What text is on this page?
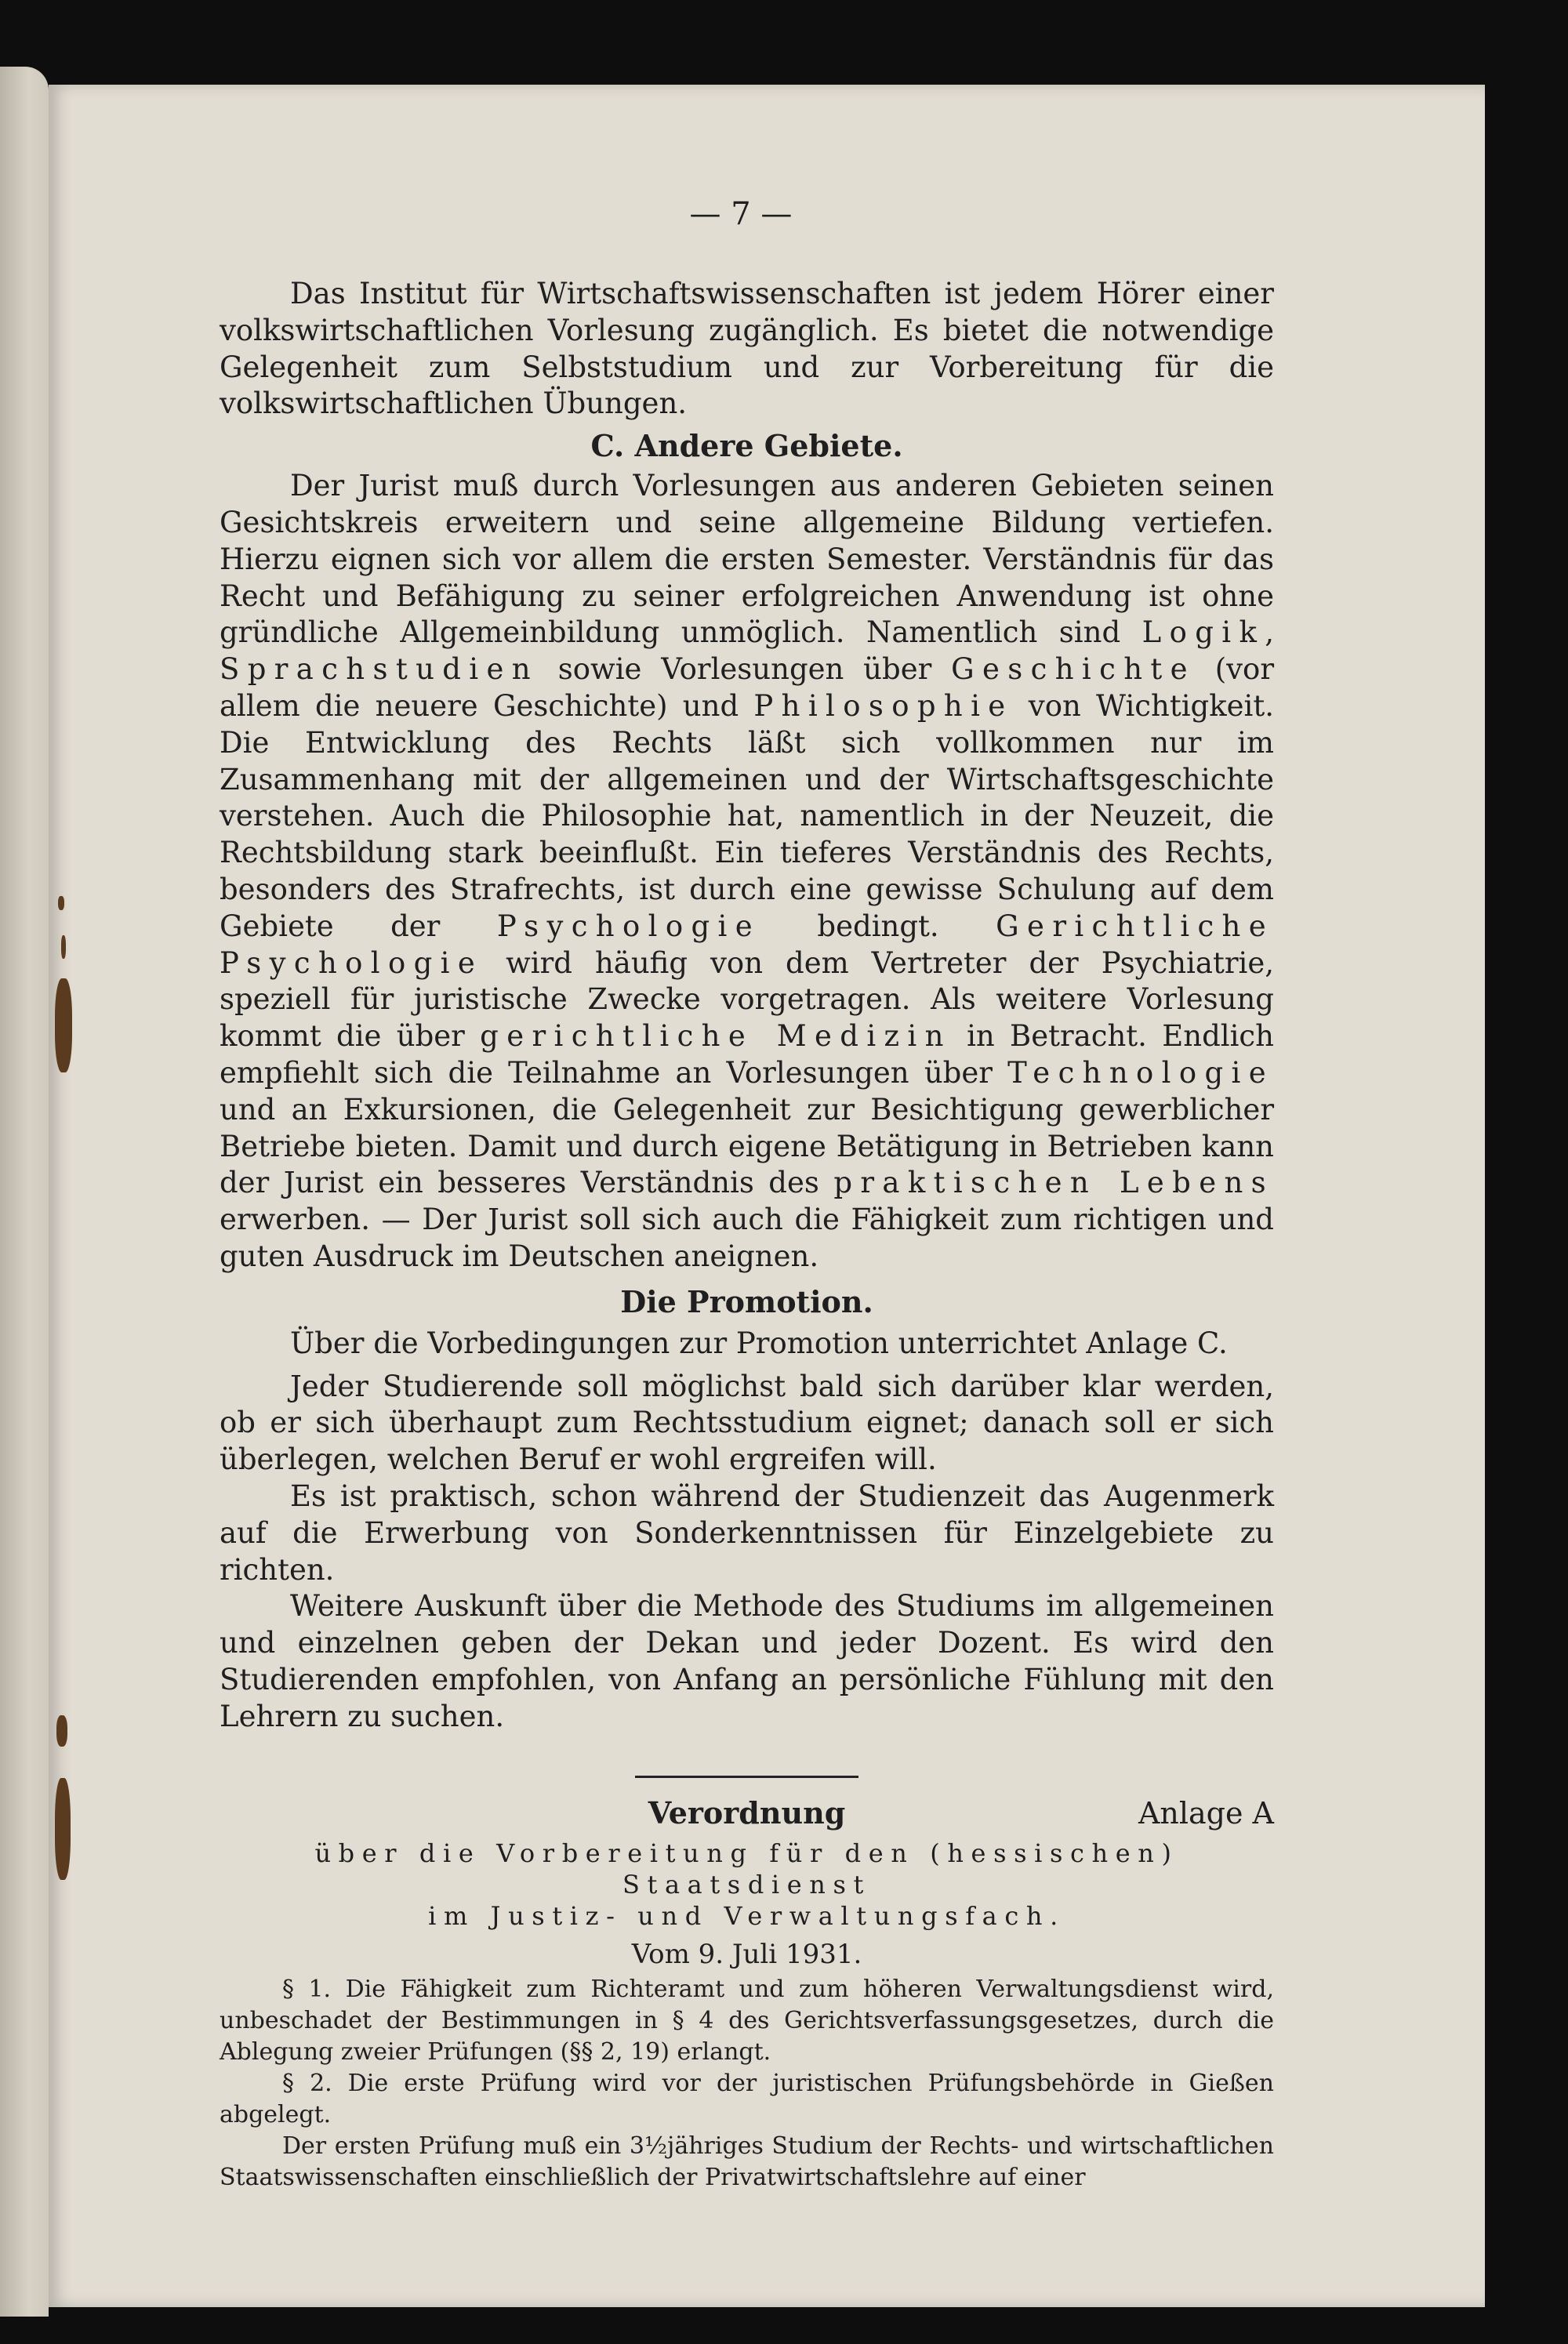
— 7 —

Das Institut für Wirtschaftswissenschaften ist jedem Hörer einer volkswirtschaftlichen Vorlesung zugänglich. Es bietet die notwendige Gelegenheit zum Selbststudium und zur Vorbereitung für die volkswirtschaftlichen Übungen.

C. Andere Gebiete.

Der Jurist muß durch Vorlesungen aus anderen Gebieten seinen Gesichtskreis erweitern und seine allgemeine Bildung vertiefen. Hierzu eignen sich vor allem die ersten Semester. Verständnis für das Recht und Befähigung zu seiner erfolgreichen Anwendung ist ohne gründliche Allgemeinbildung unmöglich. Namentlich sind Logik, Sprachstudien sowie Vorlesungen über Geschichte (vor allem die neuere Geschichte) und Philosophie von Wichtigkeit. Die Entwicklung des Rechts läßt sich vollkommen nur im Zusammenhang mit der allgemeinen und der Wirtschaftsgeschichte verstehen. Auch die Philosophie hat, namentlich in der Neuzeit, die Rechtsbildung stark beeinflußt. Ein tieferes Verständnis des Rechts, besonders des Strafrechts, ist durch eine gewisse Schulung auf dem Gebiete der Psychologie bedingt. Gerichtliche Psychologie wird häufig von dem Vertreter der Psychiatrie, speziell für juristische Zwecke vorgetragen. Als weitere Vorlesung kommt die über gerichtliche Medizin in Betracht. Endlich empfiehlt sich die Teilnahme an Vorlesungen über Technologie und an Exkursionen, die Gelegenheit zur Besichtigung gewerblicher Betriebe bieten. Damit und durch eigene Betätigung in Betrieben kann der Jurist ein besseres Verständnis des praktischen Lebens erwerben. — Der Jurist soll sich auch die Fähigkeit zum richtigen und guten Ausdruck im Deutschen aneignen.

Die Promotion.

Über die Vorbedingungen zur Promotion unterrichtet Anlage C.

Jeder Studierende soll möglichst bald sich darüber klar werden, ob er sich überhaupt zum Rechtsstudium eignet; danach soll er sich überlegen, welchen Beruf er wohl ergreifen will.

Es ist praktisch, schon während der Studienzeit das Augenmerk auf die Erwerbung von Sonderkenntnissen für Einzelgebiete zu richten.

Weitere Auskunft über die Methode des Studiums im allgemeinen und einzelnen geben der Dekan und jeder Dozent. Es wird den Studierenden empfohlen, von Anfang an persönliche Fühlung mit den Lehrern zu suchen.

Verordnung	Anlage A
über die Vorbereitung für den (hessischen) Staatsdienst
im Justiz- und Verwaltungsfach.
Vom 9. Juli 1931.

§ 1. Die Fähigkeit zum Richteramt und zum höheren Verwaltungsdienst wird, unbeschadet der Bestimmungen in § 4 des Gerichtsverfassungsgesetzes, durch die Ablegung zweier Prüfungen (§§ 2, 19) erlangt.

§ 2. Die erste Prüfung wird vor der juristischen Prüfungsbehörde in Gießen abgelegt.

Der ersten Prüfung muß ein 3½jähriges Studium der Rechts- und wirtschaftlichen Staatswissenschaften einschließlich der Privatwirtschaftslehre auf einer
